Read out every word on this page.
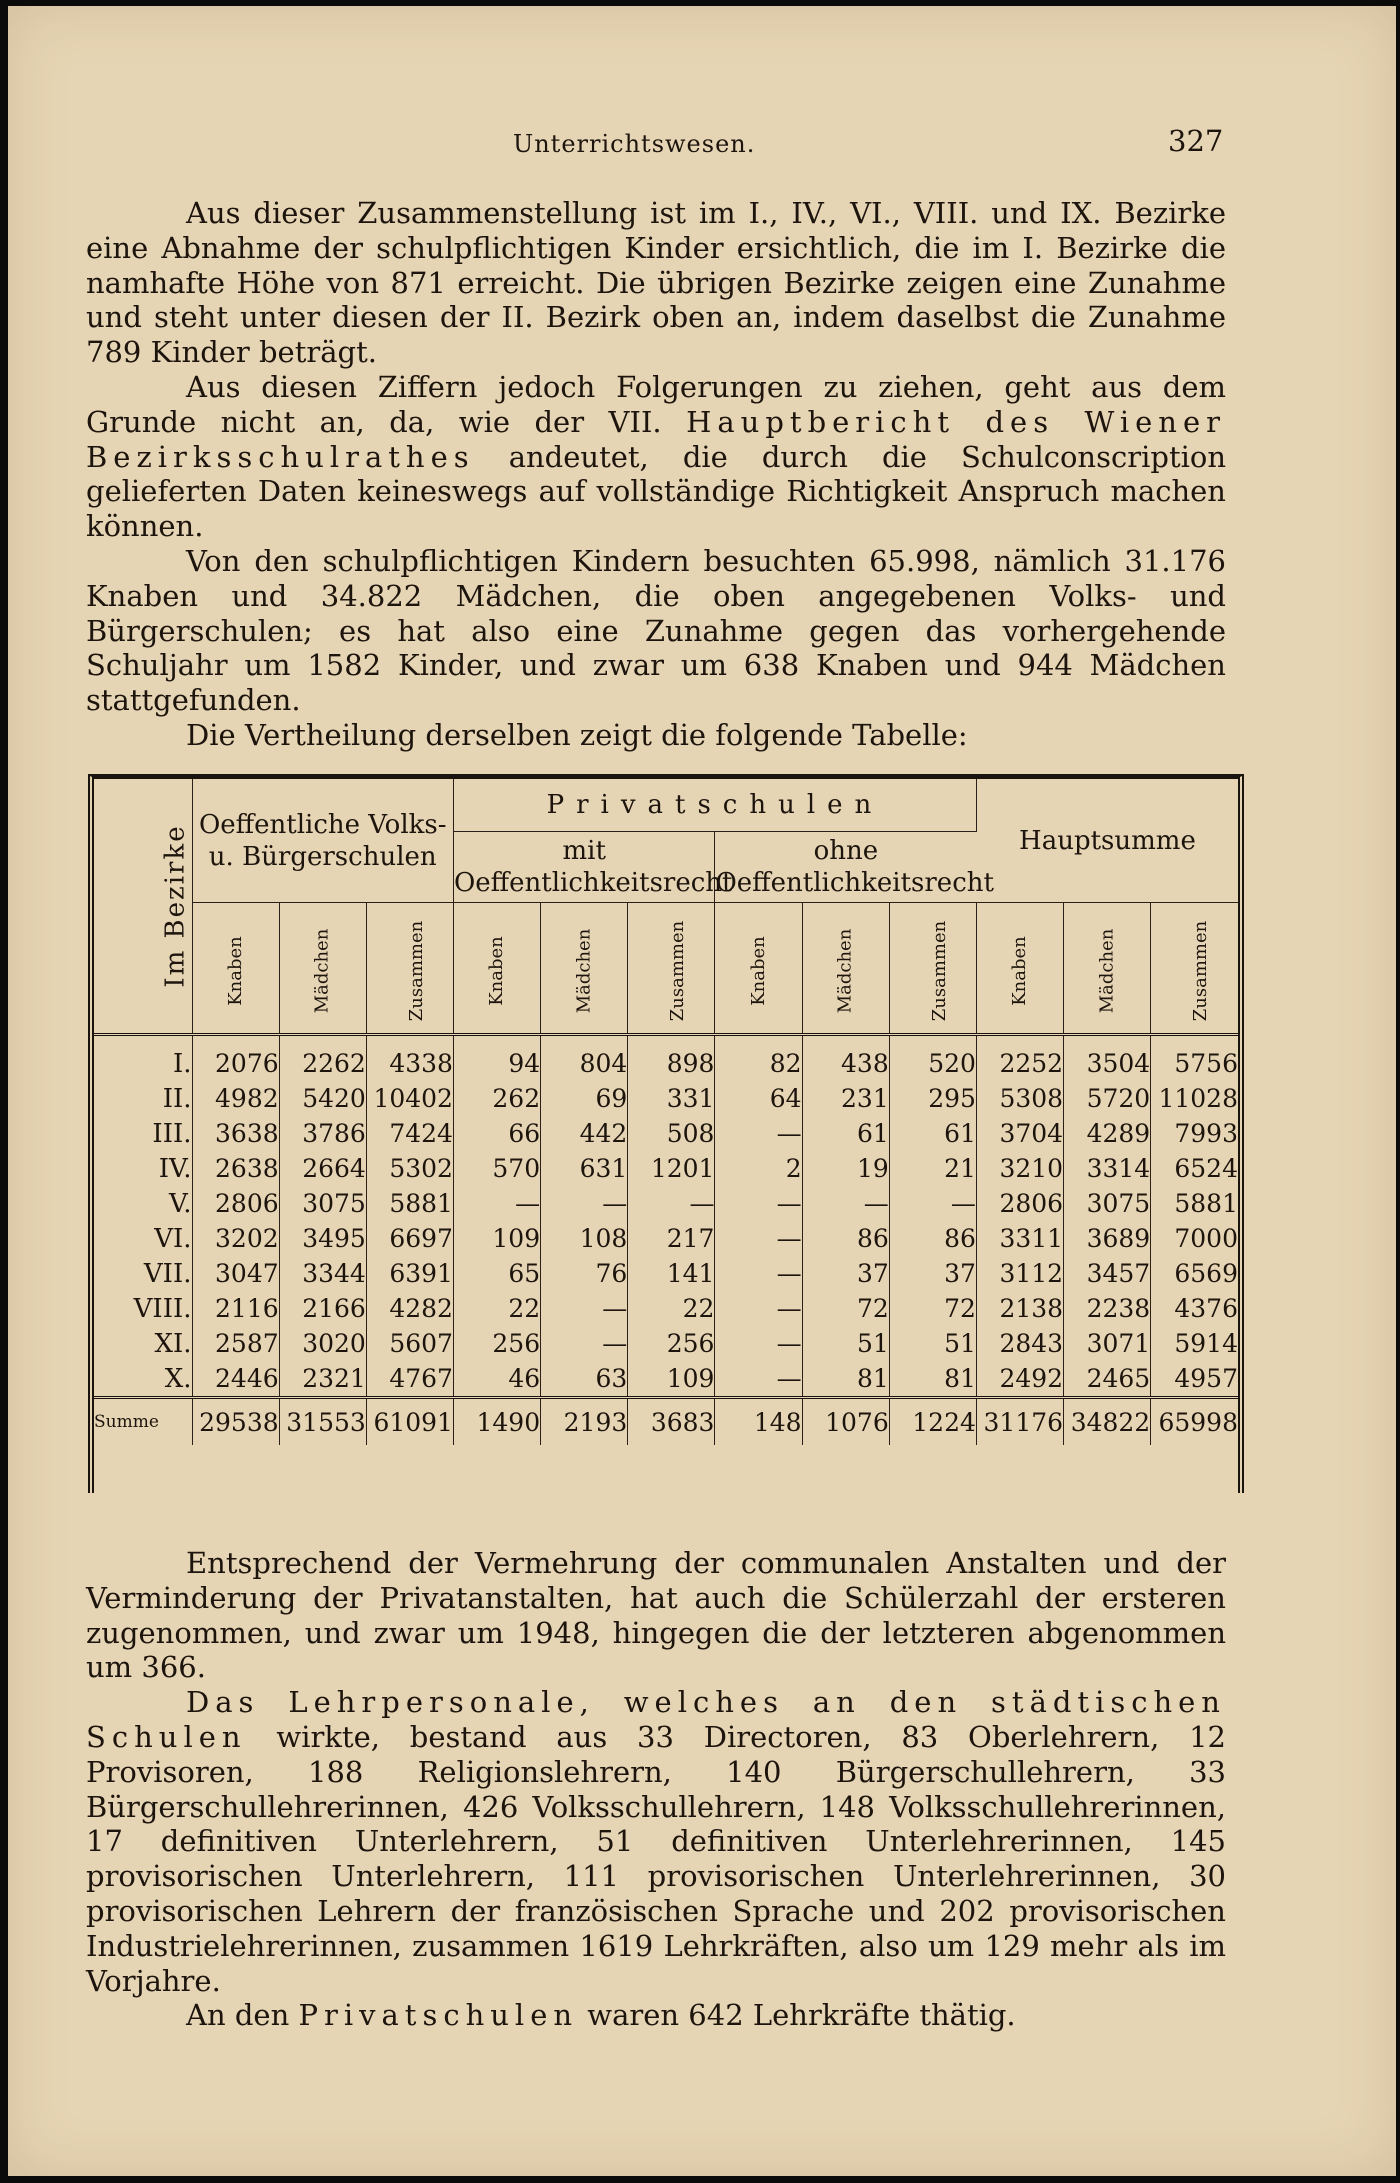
Unterrichtswesen.	327

Aus dieser Zusammenstellung ist im I., IV., VI., VIII. und IX. Bezirke eine Abnahme der schulpflichtigen Kinder ersichtlich, die im I. Bezirke die namhafte Höhe von 871 erreicht. Die übrigen Bezirke zeigen eine Zunahme und steht unter diesen der II. Bezirk oben an, indem daselbst die Zunahme 789 Kinder beträgt.

Aus diesen Ziffern jedoch Folgerungen zu ziehen, geht aus dem Grunde nicht an, da, wie der VII. Hauptbericht des Wiener Bezirksschulrathes andeutet, die durch die Schulconscription gelieferten Daten keineswegs auf vollständige Richtigkeit Anspruch machen können.

Von den schulpflichtigen Kindern besuchten 65.998, nämlich 31.176 Knaben und 34.822 Mädchen, die oben angegebenen Volks- und Bürgerschulen; es hat also eine Zunahme gegen das vorhergehende Schuljahr um 1582 Kinder, und zwar um 638 Knaben und 944 Mädchen stattgefunden.

Die Vertheilung derselben zeigt die folgende Tabelle:

Im Bezirke	Oeffentliche Volks- u. Bürgerschulen			Privatschulen						Hauptsumme		
				mit Oeffentlichkeitsrecht			ohne Oeffentlichkeitsrecht					
	Knaben	Mädchen	Zusammen	Knaben	Mädchen	Zusammen	Knaben	Mädchen	Zusammen	Knaben	Mädchen	Zusammen
I.	2076	2262	4338	94	804	898	82	438	520	2252	3504	5756
II.	4982	5420	10402	262	69	331	64	231	295	5308	5720	11028
III.	3638	3786	7424	66	442	508	—	61	61	3704	4289	7993
IV.	2638	2664	5302	570	631	1201	2	19	21	3210	3314	6524
V.	2806	3075	5881	—	—	—	—	—	—	2806	3075	5881
VI.	3202	3495	6697	109	108	217	—	86	86	3311	3689	7000
VII.	3047	3344	6391	65	76	141	—	37	37	3112	3457	6569
VIII.	2116	2166	4282	22	—	22	—	72	72	2138	2238	4376
XI.	2587	3020	5607	256	—	256	—	51	51	2843	3071	5914
X.	2446	2321	4767	46	63	109	—	81	81	2492	2465	4957
Summe	29538	31553	61091	1490	2193	3683	148	1076	1224	31176	34822	65998

Entsprechend der Vermehrung der communalen Anstalten und der Verminderung der Privatanstalten, hat auch die Schülerzahl der ersteren zugenommen, und zwar um 1948, hingegen die der letzteren abgenommen um 366.

Das Lehrpersonale, welches an den städtischen Schulen wirkte, bestand aus 33 Directoren, 83 Oberlehrern, 12 Provisoren, 188 Religionslehrern, 140 Bürgerschullehrern, 33 Bürgerschullehrerinnen, 426 Volksschullehrern, 148 Volksschullehrerinnen, 17 definitiven Unterlehrern, 51 definitiven Unterlehrerinnen, 145 provisorischen Unterlehrern, 111 provisorischen Unterlehrerinnen, 30 provisorischen Lehrern der französischen Sprache und 202 provisorischen Industrielehrerinnen, zusammen 1619 Lehrkräften, also um 129 mehr als im Vorjahre.

An den Privatschulen waren 642 Lehrkräfte thätig.
